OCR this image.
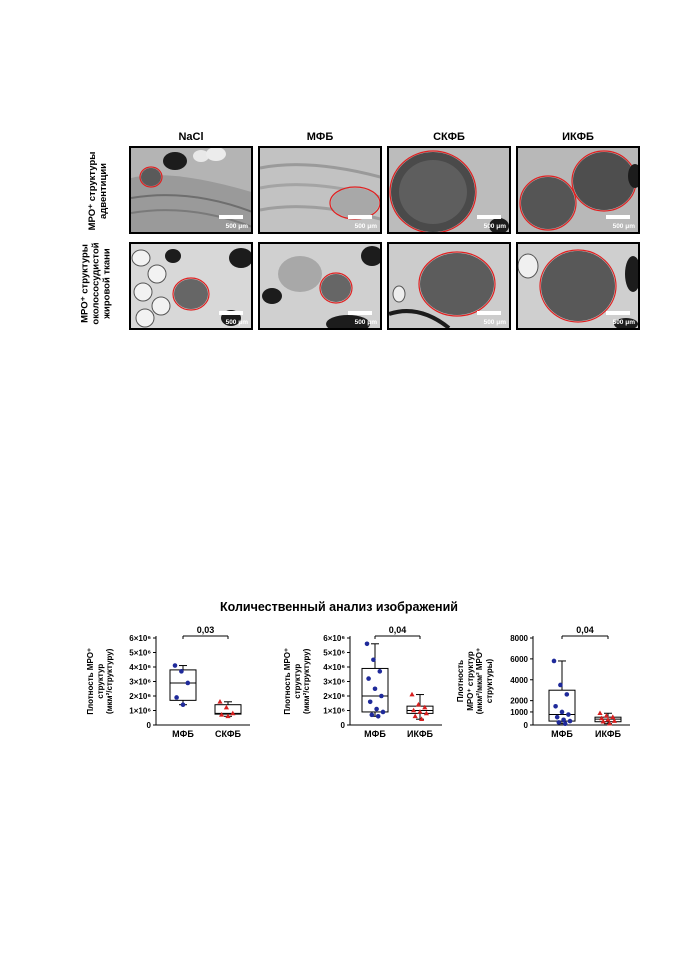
NaCl	МФБ	СКФБ	ИКФБ
МРО⁺ структуры адвентиции
МРО⁺ структуры околососудистой жировой ткани
500 μm	500 μm	500 μm	500 μm
500 μm	500 μm	500 μm	500 μm
Количественный анализ изображений
Плотность МРО⁺ структур (мкм²/структуру)	Плотность МРО⁺ структур (мкм²/структуру)	Плотность МРО⁺ структур (мкм²/мкм² МРО⁺ структуры)
0
1×10⁶
2×10⁶
3×10⁶
4×10⁶
5×10⁶
6×10⁶
МФБ СКФБ
0,03
0
1×10⁶
2×10⁶
3×10⁶
4×10⁶
5×10⁶
6×10⁶
МФБ ИКФБ
0,04
0
1000
2000
4000
6000
8000
МФБ ИКФБ
0,04
